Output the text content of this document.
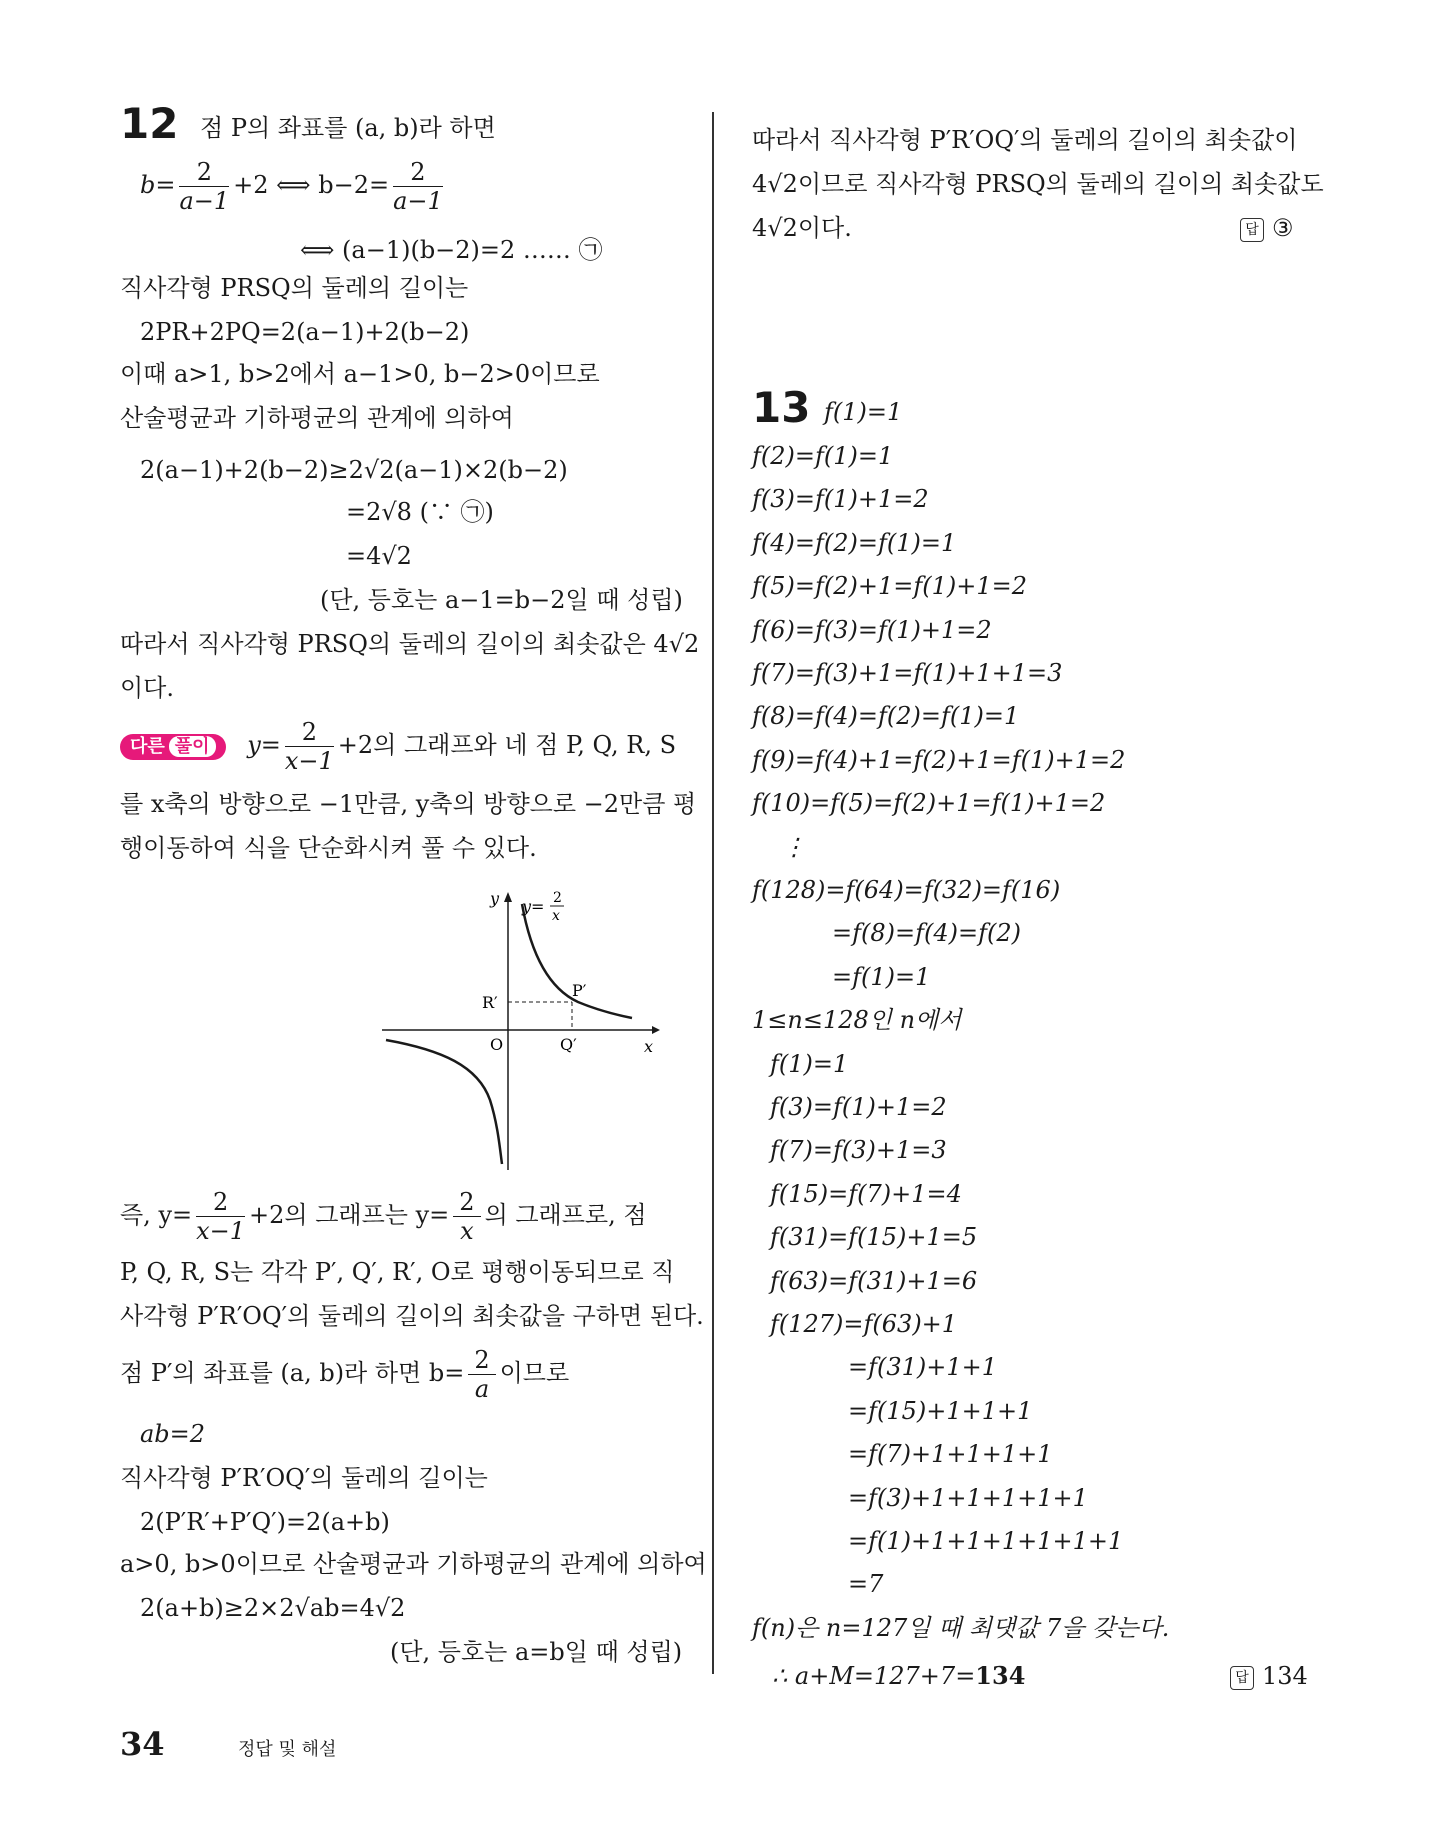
12 점 P의 좌표를 (a, b)라 하면
$b= \frac{2}{a-1} +2$ ⟺ $b-2= \frac{2}{a-1}$
⟺ (a−1)(b−2)=2 …… ㉠
직사각형 PRSQ의 둘레의 길이는
2PR+2PQ=2(a−1)+2(b−2)
이때 a>1, b>2에서 a−1>0, b−2>0이므로
산술평균과 기하평균의 관계에 의하여
2(a−1)+2(b−2)≥2√2(a−1)×2(b−2)
=2√8 (∵ ㉠)
=4√2
(단, 등호는 a−1=b−2일 때 성립)
따라서 직사각형 PRSQ의 둘레의 길이의 최솟값은 4√2
이다.
다른 풀이 $y= \frac{2}{x-1} +2$의 그래프와 네 점 P, Q, R, S
를 x축의 방향으로 −1만큼, y축의 방향으로 −2만큼 평
행이동하여 식을 단순화시켜 풀 수 있다.
y
x
y= 2
x
O
R′
P′
Q′
즉, $y= \frac{2}{x-1} +2$의 그래프는 $y= \frac{2}{x}$ 의 그래프로, 점
P, Q, R, S는 각각 P′, Q′, R′, O로 평행이동되므로 직
사각형 P′R′OQ′의 둘레의 길이의 최솟값을 구하면 된다.
점 P′의 좌표를 (a, b)라 하면 $b= \frac{2}{a}$ 이므로
ab=2
직사각형 P′R′OQ′의 둘레의 길이는
2(P′R′+P′Q′)=2(a+b)
a>0, b>0이므로 산술평균과 기하평균의 관계에 의하여
2(a+b)≥2×2√ab=4√2
(단, 등호는 a=b일 때 성립)
따라서 직사각형 P′R′OQ′의 둘레의 길이의 최솟값이
4√2이므로 직사각형 PRSQ의 둘레의 길이의 최솟값도
4√2이다.	답 ③
13 f(1)=1
f(2)=f(1)=1
f(3)=f(1)+1=2
f(4)=f(2)=f(1)=1
f(5)=f(2)+1=f(1)+1=2
f(6)=f(3)=f(1)+1=2
f(7)=f(3)+1=f(1)+1+1=3
f(8)=f(4)=f(2)=f(1)=1
f(9)=f(4)+1=f(2)+1=f(1)+1=2
f(10)=f(5)=f(2)+1=f(1)+1=2
⋮
f(128)=f(64)=f(32)=f(16)
=f(8)=f(4)=f(2)
=f(1)=1
1≤n≤128인 n에서
f(1)=1
f(3)=f(1)+1=2
f(7)=f(3)+1=3
f(15)=f(7)+1=4
f(31)=f(15)+1=5
f(63)=f(31)+1=6
f(127)=f(63)+1
=f(31)+1+1
=f(15)+1+1+1
=f(7)+1+1+1+1
=f(3)+1+1+1+1+1
=f(1)+1+1+1+1+1+1
=7
f(n)은 n=127일 때 최댓값 7을 갖는다.
∴ a+M=127+7=134	답 134
34	정답 및 해설
